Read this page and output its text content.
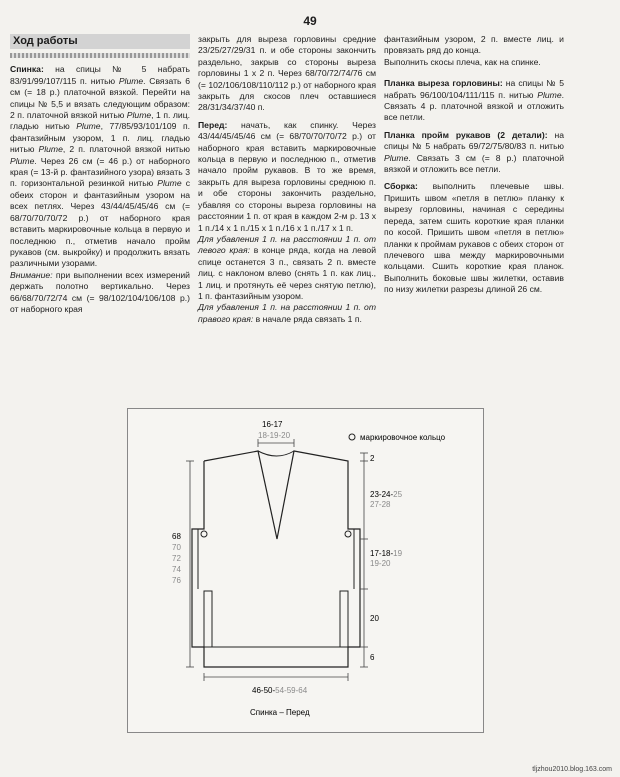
49
Ход работы

Спинка: на спицы № 5 набрать 83/91/99/107/115 п. нитью Plume. Связать 6 см (= 18 р.) платочной вязкой. Перейти на спицы № 5,5 и вязать следующим образом: 2 п. платочной вязкой нитью Plume, 1 п. лиц. гладью нитью Plume, 77/85/93/101/109 п. фантазийным узором, 1 п. лиц. гладью нитью Plume, 2 п. платочной вязкой нитью Plume. Через 26 см (= 46 р.) от наборного края (= 13-й р. фантазийного узора) вязать 3 п. горизонтальной резинкой нитью Plume с обеих сторон и фантазийным узором на всех петлях. Через 43/44/45/45/46 см (= 68/70/70/70/72 р.) от наборного края вставить маркировочные кольца в первую и последнюю п., отметив начало пройм рукавов (см. выкройку) и продолжить вязать различными узорами.
Внимание: при выполнении всех измерений держать полотно вертикально. Через 66/68/70/72/74 см (= 98/102/104/106/108 р.) от наборного края

закрыть для выреза горловины средние 23/25/27/29/31 п. и обе стороны закончить раздельно, закрыв со стороны выреза горловины 1 х 2 п. Через 68/70/72/74/76 см (= 102/106/108/110/112 р.) от наборного края закрыть для скосов плеч оставшиеся 28/31/34/37/40 п.

Перед: начать, как спинку. Через 43/44/45/45/46 см (= 68/70/70/70/72 р.) от наборного края вставить маркировочные кольца в первую и последнюю п., отметив начало пройм рукавов. В то же время, закрыть для выреза горловины среднюю п. и обе стороны закончить раздельно, убавляя со стороны выреза горловины на расстоянии 1 п. от края в каждом 2-м р. 13 х 1 п./14 х 1 п./15 х 1 п./16 х 1 п./17 х 1 п.
Для убавления 1 п. на расстоянии 1 п. от левого края: в конце ряда, когда на левой спице останется 3 п., связать 2 п. вместе лиц. с наклоном влево (снять 1 п. как лиц., 1 лиц. и протянуть её через снятую петлю), 1 п. фантазийным узором.
Для убавления 1 п. на расстоянии 1 п. от правого края: в начале ряда связать 1 п.

фантазийным узором, 2 п. вместе лиц. и провязать ряд до конца.
Выполнить скосы плеча, как на спинке.

Планка выреза горловины: на спицы № 5 набрать 96/100/104/111/115 п. нитью Plume. Связать 4 р. платочной вязкой и отложить все петли.

Планка пройм рукавов (2 детали): на спицы № 5 набрать 69/72/75/80/83 п. нитью Plume. Связать 3 см (= 8 р.) платочной вязкой и отложить все петли.

Сборка: выполнить плечевые швы. Пришить швом «петля в петлю» планку к вырезу горловины, начиная с середины переда, затем сшить короткие края планки по косой. Пришить швом «петля в петлю» планки к проймам рукавов с обеих сторон от плечевого шва между маркировочными кольцами. Сшить короткие края планок. Выполнить боковые швы жилетки, оставив по низу жилетки разрезы длиной 26 см.

16-17
18-19-20	маркировочное кольцо
2
23-24-25
27-28
17-18-19
19-20
20
6
68
70
72
74
76
46-50-54-59-64
Спинка – Перед
tljzhou2010.blog.163.com
